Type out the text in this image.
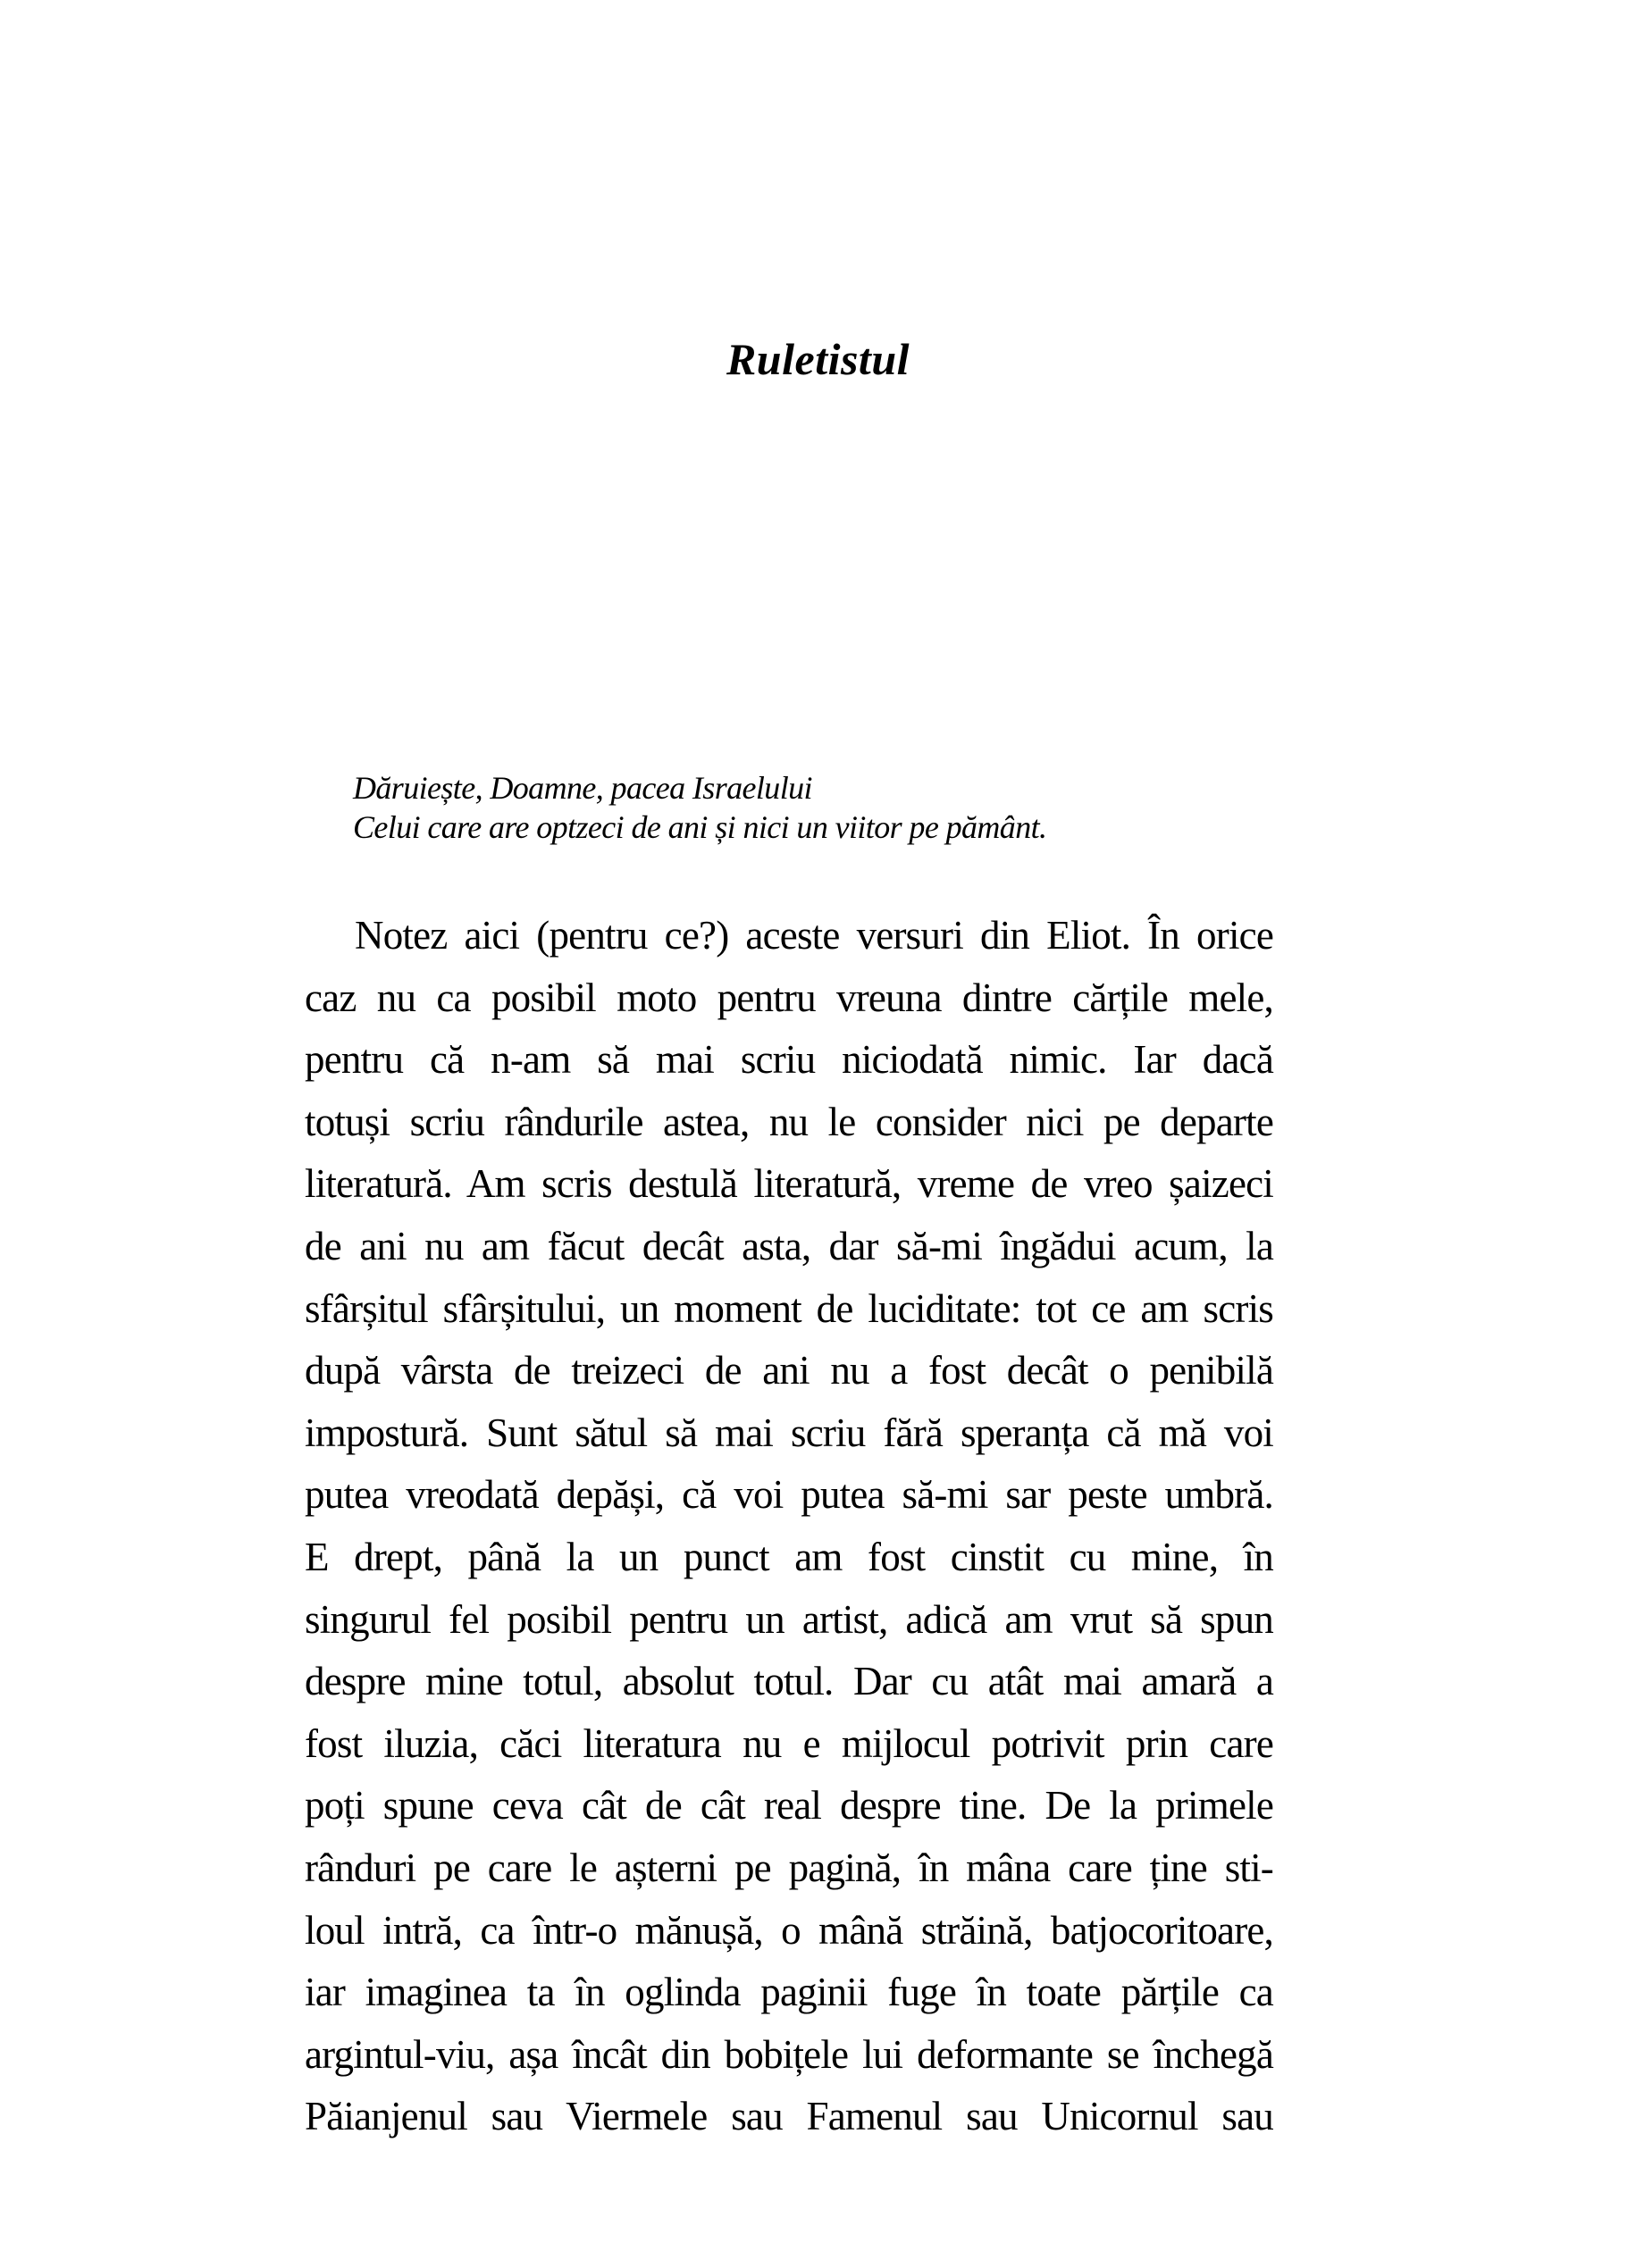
Ruletistul
Dăruiește, Doamne, pacea Israelului
Celui care are optzeci de ani și nici un viitor pe pământ.
Notez aici (pentru ce?) aceste versuri din Eliot. În orice
caz nu ca posibil moto pentru vreuna dintre cărțile mele,
pentru că n-am să mai scriu niciodată nimic. Iar dacă
totuși scriu rândurile astea, nu le consider nici pe departe
literatură. Am scris destulă literatură, vreme de vreo șaizeci
de ani nu am făcut decât asta, dar să-mi îngădui acum, la
sfârșitul sfârșitului, un moment de luciditate: tot ce am scris
după vârsta de treizeci de ani nu a fost decât o penibilă
impostură. Sunt sătul să mai scriu fără speranța că mă voi
putea vreodată depăși, că voi putea să-mi sar peste umbră.
E drept, până la un punct am fost cinstit cu mine, în
singurul fel posibil pentru un artist, adică am vrut să spun
despre mine totul, absolut totul. Dar cu atât mai amară a
fost iluzia, căci literatura nu e mijlocul potrivit prin care
poți spune ceva cât de cât real despre tine. De la primele
rânduri pe care le așterni pe pagină, în mâna care ține sti-
loul intră, ca într-o mănușă, o mână străină, batjocoritoare,
iar imaginea ta în oglinda paginii fuge în toate părțile ca
argintul-viu, așa încât din bobițele lui deformante se închegă
Păianjenul sau Viermele sau Famenul sau Unicornul sau
